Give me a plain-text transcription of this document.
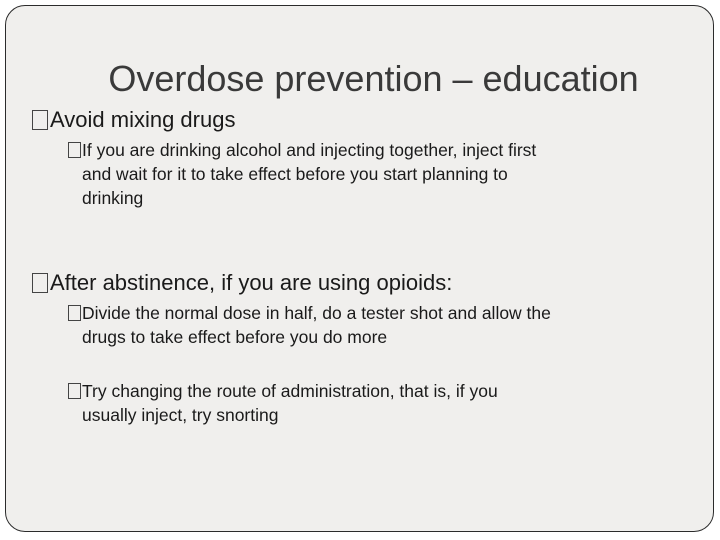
Overdose prevention – education
Avoid mixing drugs
If you are drinking alcohol and injecting together, inject first
and wait for it to take effect before you start planning to
drinking
After abstinence, if you are using opioids:
Divide the normal dose in half, do a tester shot and allow the
drugs to take effect before you do more
Try changing the route of administration, that is, if you
usually inject, try snorting
